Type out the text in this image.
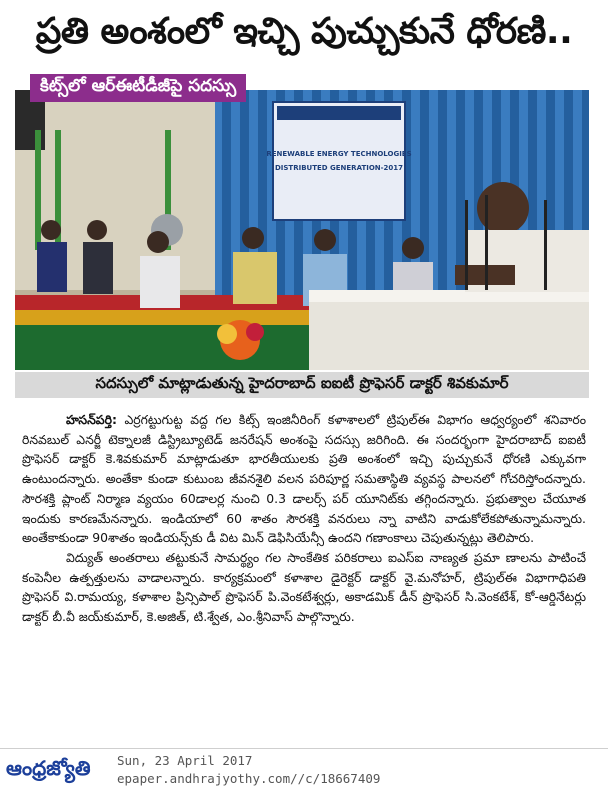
ప్రతి అంశంలో ఇచ్చి పుచ్చుకునే ధోరణి..
RENEWABLE ENERGY TECHNOLOGIES
DISTRIBUTED GENERATION-2017
కిట్స్‌లో ఆర్‌ఈటీడీజీపై సదస్సు
సదస్సులో మాట్లాడుతున్న హైదరాబాద్‌ ఐఐటీ ప్రొఫెసర్‌ డాక్టర్‌ శివకుమార్‌

హసన్‌పర్తి: ఎర్రగట్టుగుట్ట వద్ద గల కిట్స్‌ ఇంజినీరింగ్‌ కళాశాలలో ట్రిపుల్‌ఈ విభాగం ఆధ్వర్యంలో శనివారం రినవబుల్‌ ఎనర్జీ టెక్నాలజీ డిస్ట్రిబ్యూటెడ్‌ జనరేషన్‌ అంశంపై సదస్సు జరిగింది. ఈ సందర్భంగా హైదరాబాద్‌ ఐఐటీ ప్రొఫెసర్‌ డాక్టర్‌ కె.శివకుమార్‌ మాట్లాడుతూ భారతీయులకు ప్రతి అంశంలో ఇచ్చి పుచ్చుకునే ధోరణి ఎక్కువగా ఉంటుందన్నారు. అంతేకా కుండా కుటుంబ జీవనశైలి వలన పరిపూర్ణ సమతాస్థితి వ్యవస్థ పాలనలో గోచరిస్తోందన్నారు. సౌరశక్తి ప్లాంట్‌ నిర్మాణ వ్యయం 60డాలర్ల నుంచి 0.3 డాలర్స్‌ పర్‌ యూనిట్‌కు తగ్గిందన్నారు. ప్రభుత్వాల చేయూత ఇందుకు కారణమేనన్నారు. ఇండియాలో 60 శాతం సౌరశక్తి వనరులు న్నా వాటిని వాడుకోలేకపోతున్నామన్నారు. అంతేకాకుండా 90శాతం ఇండియన్స్‌కు డీ విట మిన్‌ డెఫిసియేన్సీ ఉందని గణాంకాలు చెపుతున్నట్లు తెలిపారు.

విద్యుత్‌ అంతరాలు తట్టుకునే సామర్థ్యం గల సాంకేతిక పరికరాలు ఐఎస్‌ఐ నాణ్యత ప్రమా ణాలను పాటించే కంపెనీల ఉత్పత్తులను వాడాలన్నారు. కార్యక్రమంలో కళాశాల డైరెక్టర్‌ డాక్టర్‌ వై.మనోహర్‌, ట్రిపుల్‌ఈ విభాగాధిపతి ప్రొఫెసర్‌ వి.రామయ్య, కళాశాల ప్రిన్సిపాల్‌ ప్రొఫెసర్‌ పి.వెంకటేశ్వర్లు, అకాడమిక్‌ డీన్‌ ప్రొఫెసర్‌ సి.వెంకటేశ్‌, కో-ఆర్డినేటర్లు డాక్టర్‌ బీ.వీ జయ్‌కుమార్‌, కె.అజిత్‌, టి.శ్వేత, ఎం.శ్రీనివాస్‌ పాల్గొన్నారు.

ఆంధ్రజ్యోతి	Sun, 23 April 2017
epaper.andhrajyothy.com//c/18667409
